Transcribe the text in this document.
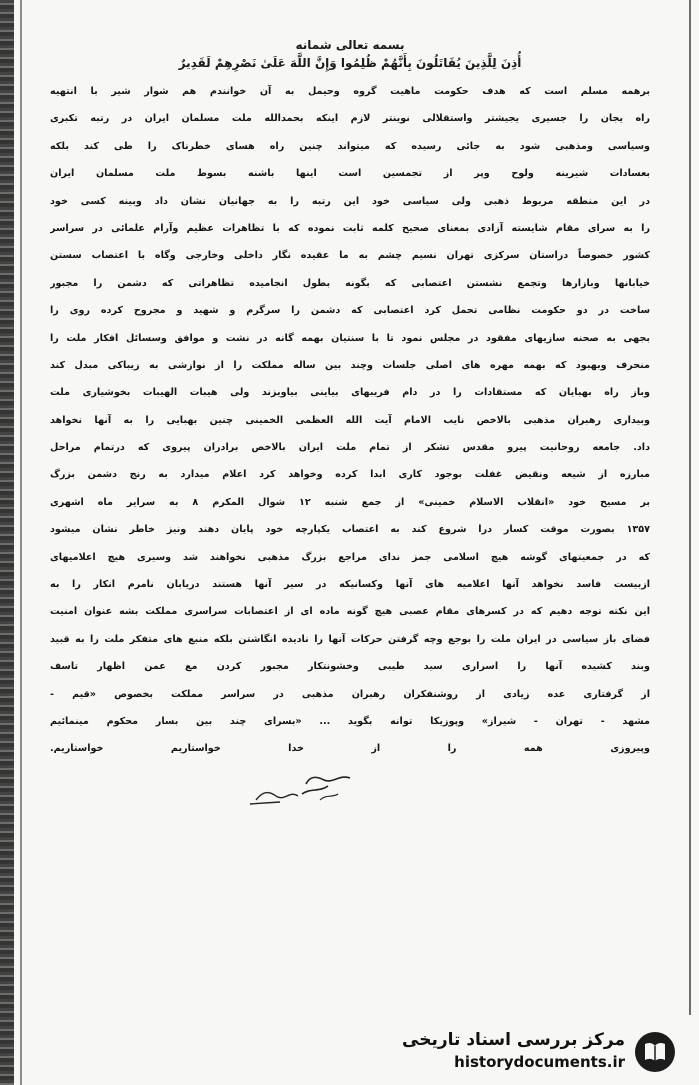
بسمه تعالی شمانه
أُذِنَ لِلَّذِينَ يُقَاتَلُونَ بِأَنَّهُمْ ظُلِمُوا وَإِنَّ اللَّهَ عَلَىٰ نَصْرِهِمْ لَقَدِيرٌ
برهمه مسلم است که هدف حکومت ماهیت گروه وحیمل به آن خوانندم هم شوار شیر با انتهیه
راه یجان را جسیری یجیشتر واستقلالی نوینتر لازم اینکه بحمدالله ملت مسلمان ایران در رتبه تکبری
وسیاسی ومذهبی شود به جائی رسیده که میتواند چنین راه هسای خطرناک را طی کند بلکه
بعسادات شیرینه ولوح وپر از تجمسین است اینها باشنه بسوط ملت مسلمان ایران
در این منطقه مربوط ذهبی ولی سیاسی خود این رتبه را به جهانیان نشان داد وبینه کسی خود
را به سرای مقام شایسته آزادی بمعنای صحیح کلمه ثابت نموده که با تظاهرات عظیم وآرام علمائی در سراسر
کشور خصوصاً دراستان سرکزی تهران نسیم چشم به ما عقیده نگار داخلی وخارجی وگاه با اعتصاب سستن
خیابانها وبازارها وتجمع نشستن اعتصابی که بگونه بطول انجامیده تظاهراتی که دشمن را مجبور
ساخت در دو حکومت نظامی تحمل کرد اعتصابی که دشمن را سرگرم و شهید و مجروح کرده روی را
بجهی به صحنه سازیهای مفقود در مجلس نمود تا با سنتیان بهمه گانه در نشت و موافق وسسائل افکار ملت را
منحرف وبهبود که بهمه مهره های اصلی جلسات وچند بین ساله مملکت را از نوازشی به زیباکی مبدل کند
وباز راه بهبایان که مستقادات را در دام فریبهای بیاینی بیاویزند ولی هیبات الهیبات بخوشیاری ملت
وبیداری رهبران مذهبی بالاخص نایب الامام آیت الله العظمی الخمینی چنین بهبایی را به آنها نخواهد
داد. جامعه روحانیت پیرو مقدس تشکر از تمام ملت ایران بالاخص برادران پیروی که درتمام مراحل
مبارزه از شیعه ونقیض غفلت بوجود کاری ابدا کرده وخواهد کرد اعلام میدارد به رنج دشمن بزرگ
بر مسیح خود «انقلاب الاسلام خمینی» از جمع شنبه ۱۲ شوال المکرم ۸ به سرایر ماه اشهری
۱۳۵۷ بصورت موقت کسار درا شروع کند به اعتصاب یکپارچه خود پایان دهند ونیز خاطر نشان میشود
که در جمعیتهای گوشه هیچ اسلامی جمز ندای مراجع بزرگ مذهبی نخواهند شد وسیری هیچ اعلامیهای
ازبیست فاسد نخواهد آنها اعلامیه های آنها وکسانیکه در سیر آنها هستند دریابان نامرم انکار را به
این نکته توجه دهیم که در کسرهای مقام عصبی هیچ گونه ماده ای از اعتصابات سراسری مملکت بشه عنوان امنیت
فضای باز سیاسی در ایران ملت را بوجع وچه گرفتن حرکات آنها را نادیده انگاشتن بلکه منبع های متفکر ملت را به قبید
وبند کشیده آنها را اسراری سید طیبی وخشونتکار مجبور کردن مع عمن اظهار تاسف
از گرفتاری عده زیادی از روشنفکران رهبران مذهبی در سراسر مملکت بخصوص «قیم -
مشهد - تهران - شیراز» وپوزیکا توانه بگوید ... «بسرای چند بین بسار محکوم مینمائیم
وپیروزی همه را از خدا خواستاریم خواستاریم.
مرکز بررسی اسناد تاریخی
historydocuments.ir
